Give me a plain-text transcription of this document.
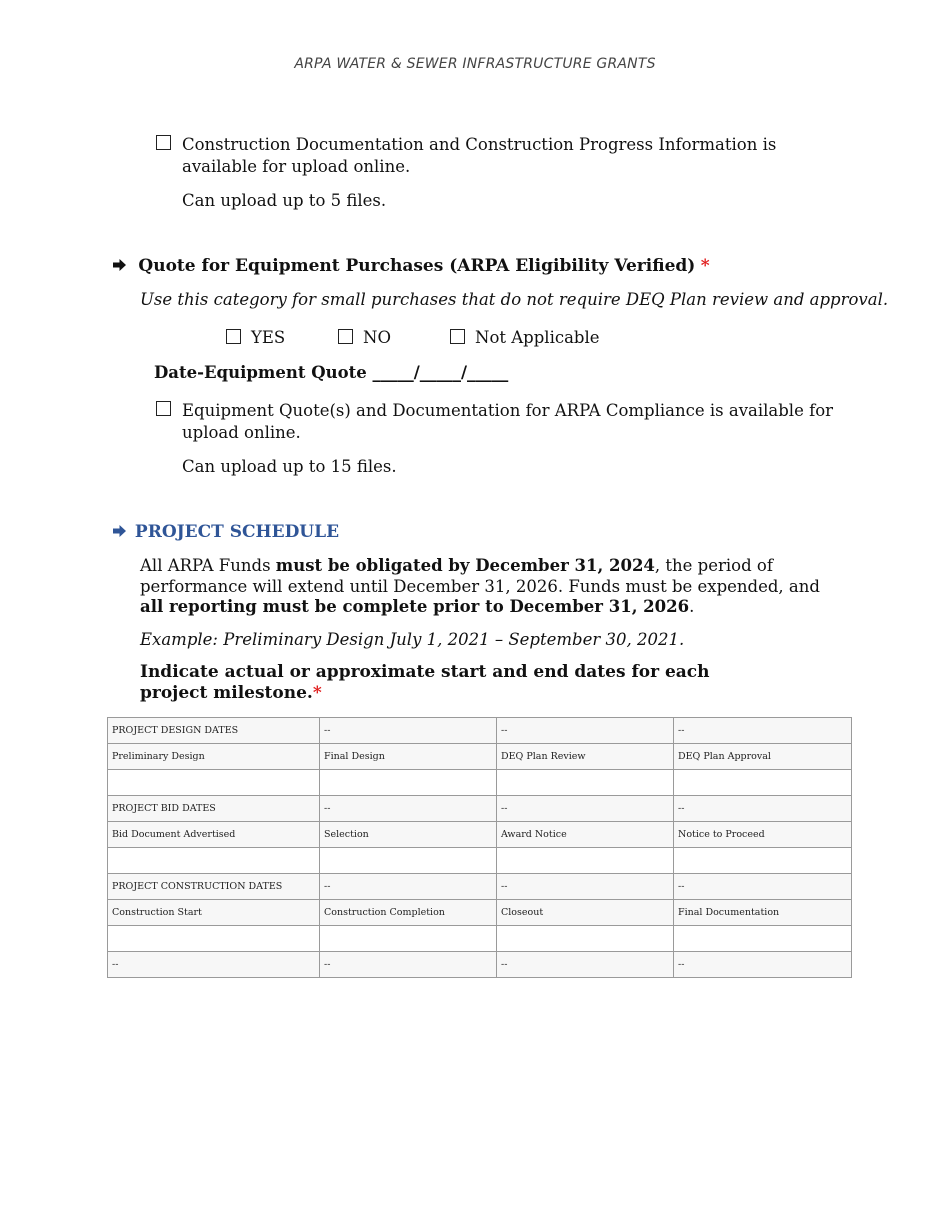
ARPA WATER & SEWER INFRASTRUCTURE GRANTS
Construction Documentation and Construction Progress Information is available for upload online.
Can upload up to 5 files.
Quote for Equipment Purchases (ARPA Eligibility Verified) *
Use this category for small purchases that do not require DEQ Plan review and approval.
YES	NO	Not Applicable
Date-Equipment Quote _____/_____/_____
Equipment Quote(s) and Documentation for ARPA Compliance is available for upload online.
Can upload up to 15 files.
PROJECT SCHEDULE
All ARPA Funds must be obligated by December 31, 2024, the period of performance will extend until December 31, 2026. Funds must be expended, and all reporting must be complete prior to December 31, 2026.
Example: Preliminary Design July 1, 2021 – September 30, 2021.
Indicate actual or approximate start and end dates for each project milestone.*
PROJECT DESIGN DATES	--	--	--
Preliminary Design	Final Design	DEQ Plan Review	DEQ Plan Approval

PROJECT BID DATES	--	--	--
Bid Document Advertised	Selection	Award Notice	Notice to Proceed

PROJECT CONSTRUCTION DATES	--	--	--
Construction Start	Construction Completion	Closeout	Final Documentation

--	--	--	--
